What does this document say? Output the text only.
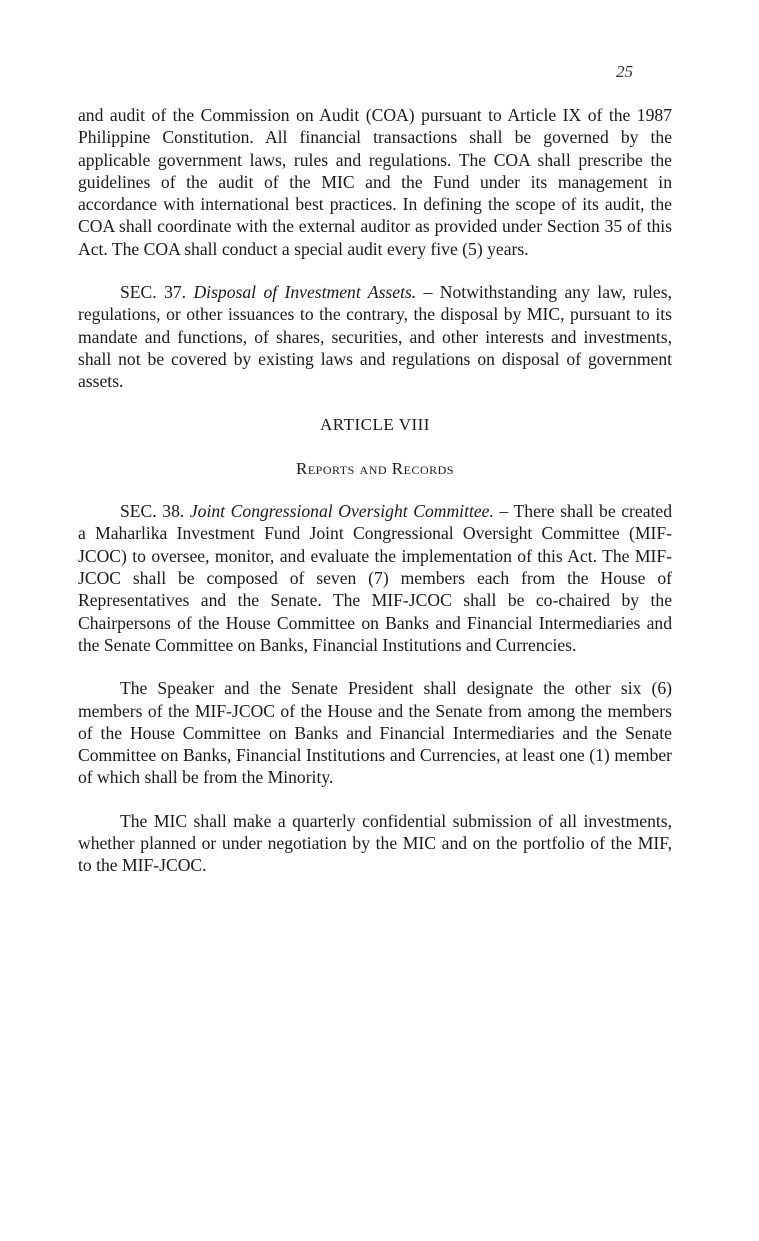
25

and audit of the Commission on Audit (COA) pursuant to Article IX of the 1987 Philippine Constitution. All financial transactions shall be governed by the applicable government laws, rules and regulations. The COA shall prescribe the guidelines of the audit of the MIC and the Fund under its management in accordance with international best practices. In defining the scope of its audit, the COA shall coordinate with the external auditor as provided under Section 35 of this Act. The COA shall conduct a special audit every five (5) years.

SEC. 37. Disposal of Investment Assets. – Notwithstanding any law, rules, regulations, or other issuances to the contrary, the disposal by MIC, pursuant to its mandate and functions, of shares, securities, and other interests and investments, shall not be covered by existing laws and regulations on disposal of government assets.

ARTICLE VIII

Reports and Records

SEC. 38. Joint Congressional Oversight Committee. – There shall be created a Maharlika Investment Fund Joint Congressional Oversight Committee (MIF-JCOC) to oversee, monitor, and evaluate the implementation of this Act. The MIF-JCOC shall be composed of seven (7) members each from the House of Representatives and the Senate. The MIF-JCOC shall be co-chaired by the Chairpersons of the House Committee on Banks and Financial Intermediaries and the Senate Committee on Banks, Financial Institutions and Currencies.

The Speaker and the Senate President shall designate the other six (6) members of the MIF-JCOC of the House and the Senate from among the members of the House Committee on Banks and Financial Intermediaries and the Senate Committee on Banks, Financial Institutions and Currencies, at least one (1) member of which shall be from the Minority.

The MIC shall make a quarterly confidential submission of all investments, whether planned or under negotiation by the MIC and on the portfolio of the MIF, to the MIF-JCOC.
